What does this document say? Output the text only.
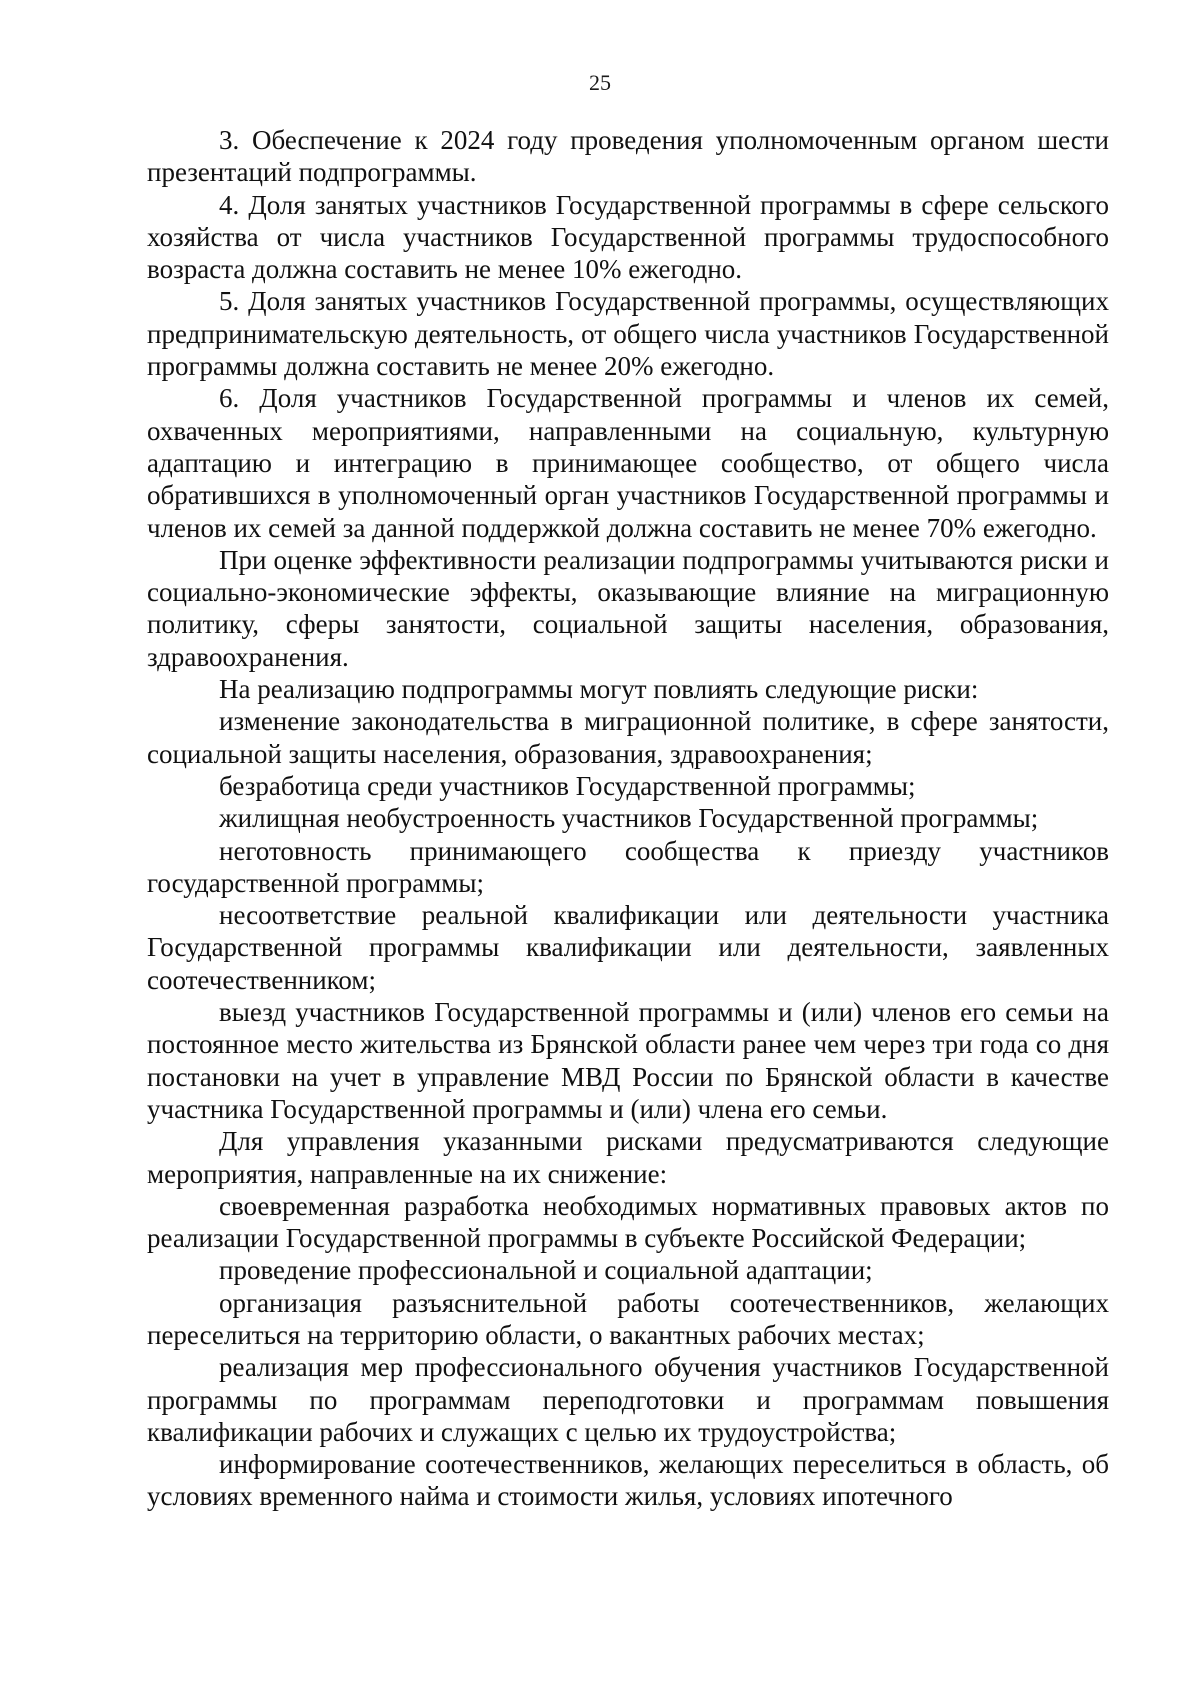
25

3. Обеспечение к 2024 году проведения уполномоченным органом шести презентаций подпрограммы.

4. Доля занятых участников Государственной программы в сфере сельского хозяйства от числа участников Государственной программы трудоспособного возраста должна составить не менее 10% ежегодно.

5. Доля занятых участников Государственной программы, осуществляющих предпринимательскую деятельность, от общего числа участников Государственной программы должна составить не менее 20% ежегодно.

6. Доля участников Государственной программы и членов их семей, охваченных мероприятиями, направленными на социальную, культурную адаптацию и интеграцию в принимающее сообщество, от общего числа обратившихся в уполномоченный орган участников Государственной программы и членов их семей за данной поддержкой должна составить не менее 70% ежегодно.

При оценке эффективности реализации подпрограммы учитываются риски и социально-экономические эффекты, оказывающие влияние на миграционную политику, сферы занятости, социальной защиты населения, образования, здравоохранения.

На реализацию подпрограммы могут повлиять следующие риски:

изменение законодательства в миграционной политике, в сфере занятости, социальной защиты населения, образования, здравоохранения;

безработица среди участников Государственной программы;

жилищная необустроенность участников Государственной программы;

неготовность принимающего сообщества к приезду участников государственной программы;

несоответствие реальной квалификации или деятельности участника Государственной программы квалификации или деятельности, заявленных соотечественником;

выезд участников Государственной программы и (или) членов его семьи на постоянное место жительства из Брянской области ранее чем через три года со дня постановки на учет в управление МВД России по Брянской области в качестве участника Государственной программы и (или) члена его семьи.

Для управления указанными рисками предусматриваются следующие мероприятия, направленные на их снижение:

своевременная разработка необходимых нормативных правовых актов по реализации Государственной программы в субъекте Российской Федерации;

проведение профессиональной и социальной адаптации;

организация разъяснительной работы соотечественников, желающих переселиться на территорию области, о вакантных рабочих местах;

реализация мер профессионального обучения участников Государственной программы по программам переподготовки и программам повышения квалификации рабочих и служащих с целью их трудоустройства;

информирование соотечественников, желающих переселиться в область, об условиях временного найма и стоимости жилья, условиях ипотечного
